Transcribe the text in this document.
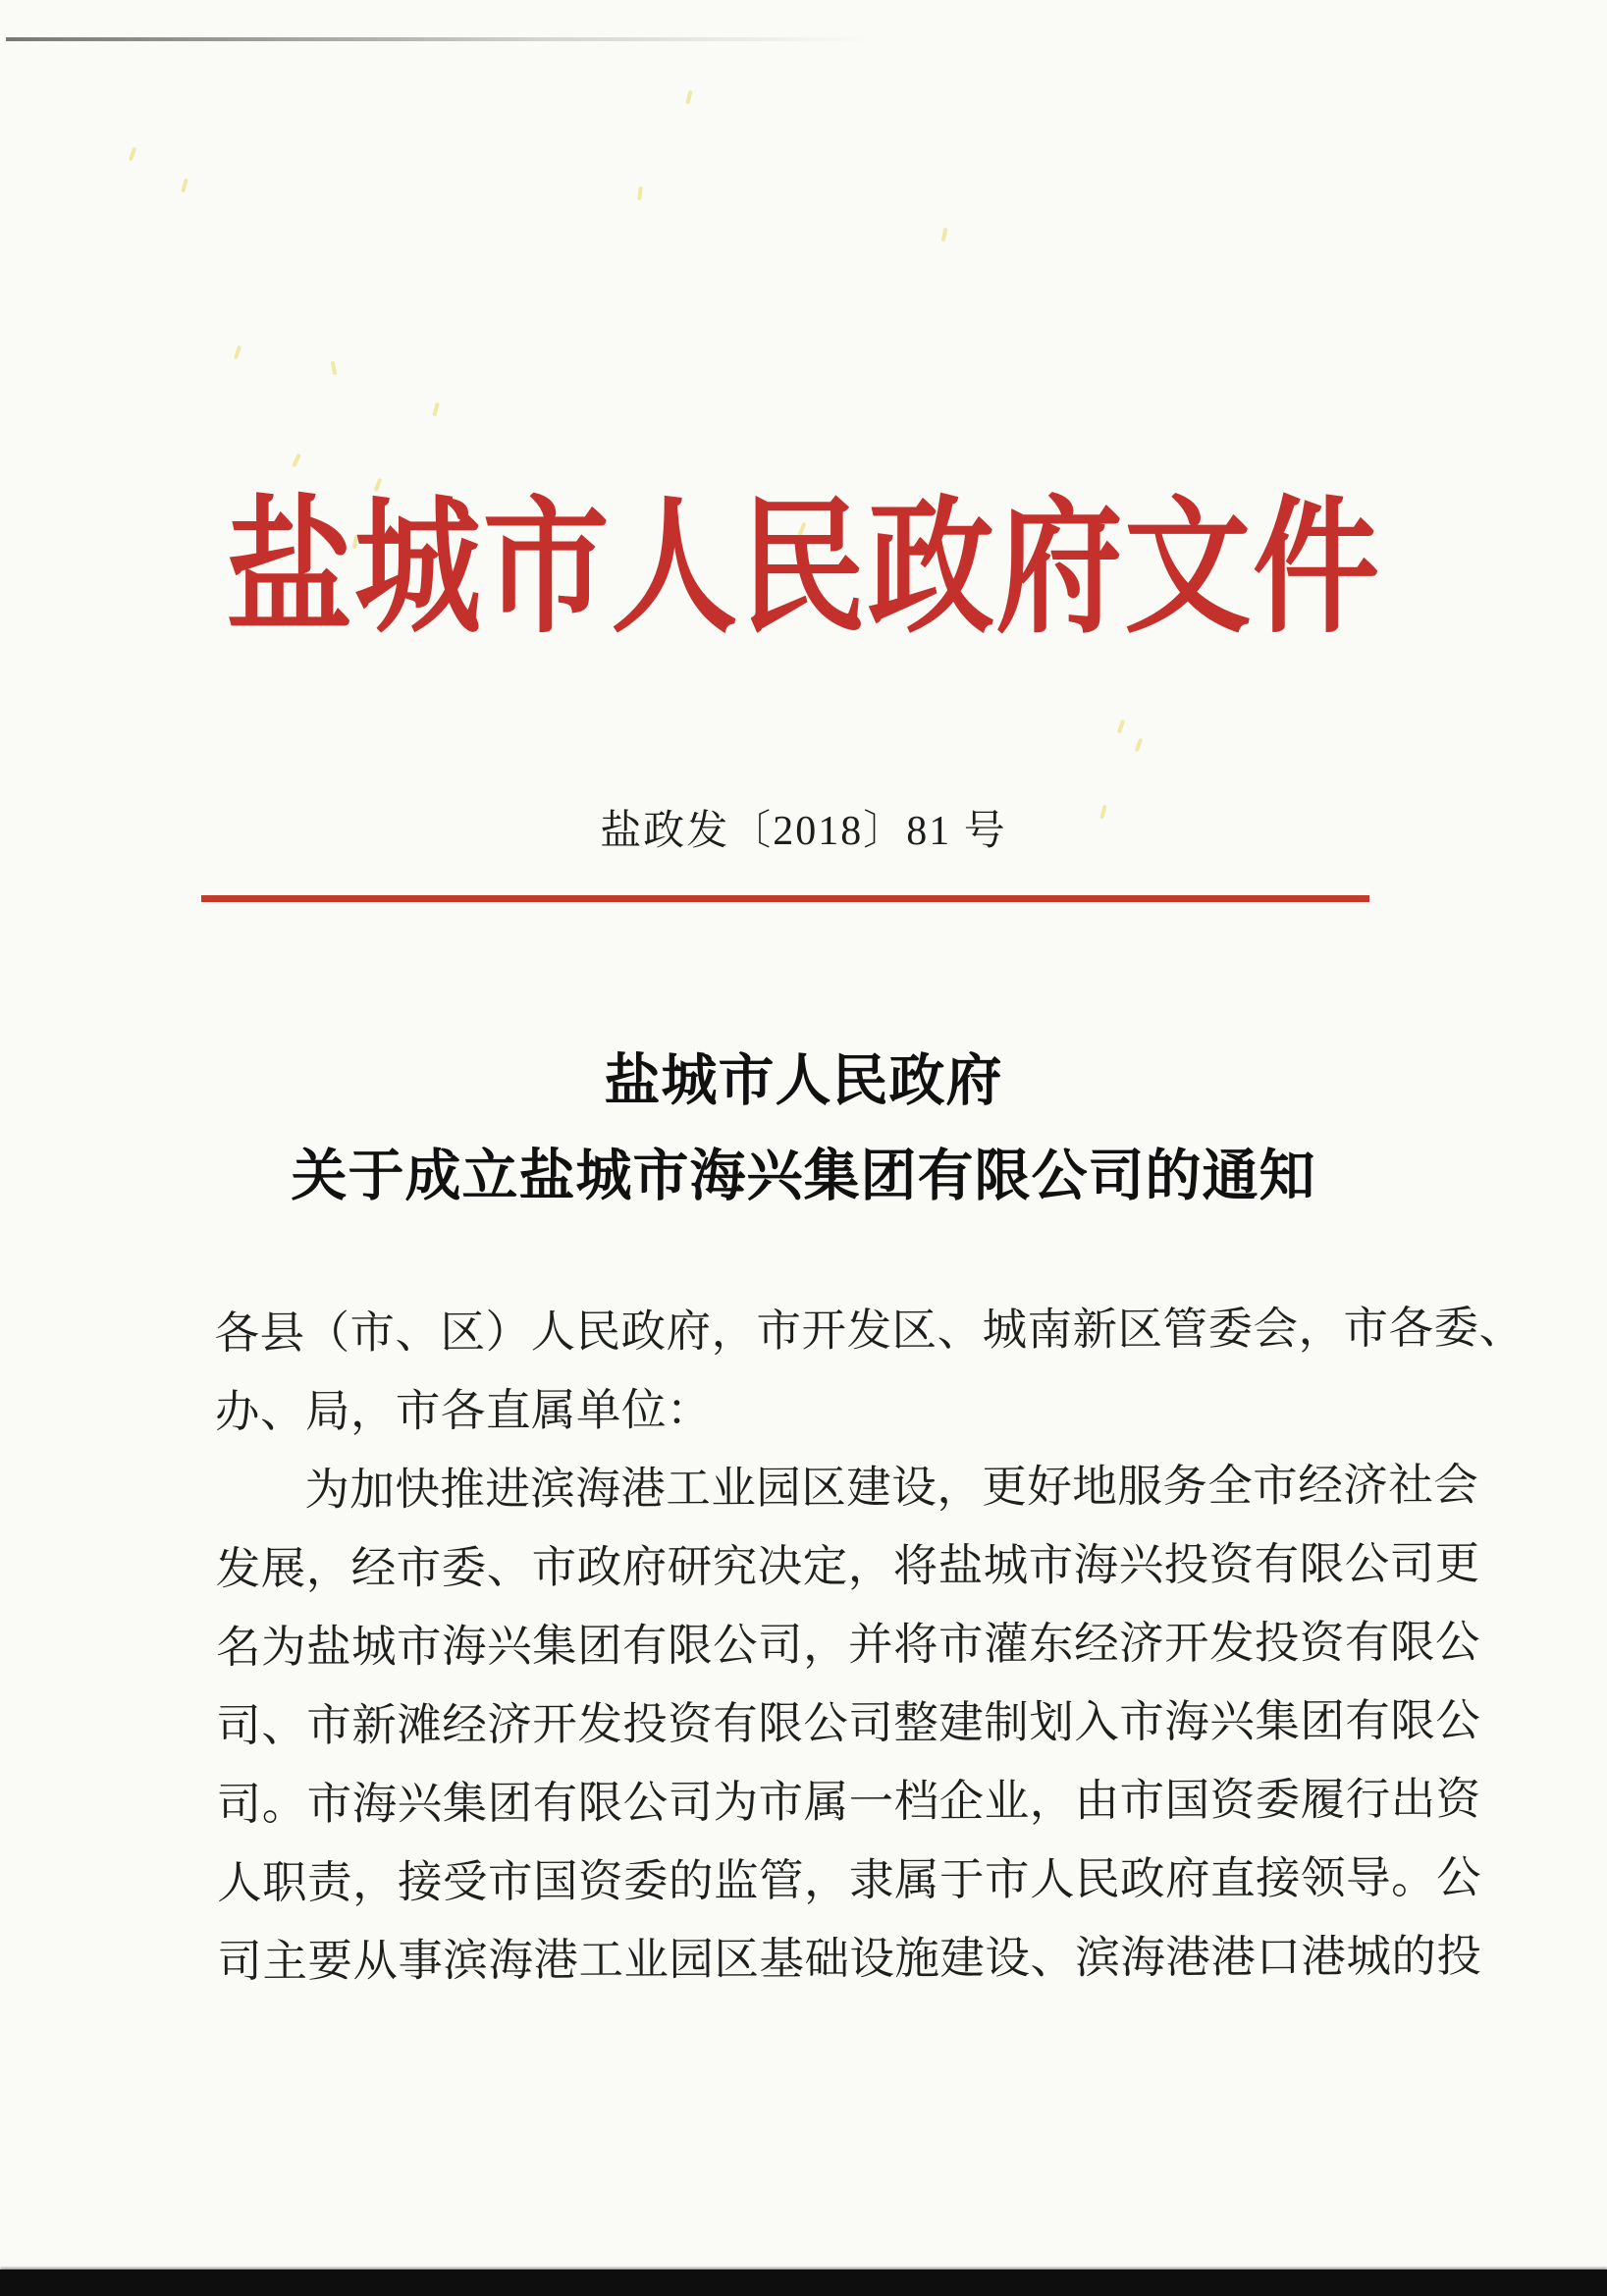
盐城市人民政府文件
盐政发〔2018〕81 号
盐城市人民政府
关于成立盐城市海兴集团有限公司的通知
各县（市、区）人民政府，市开发区、城南新区管委会，市各委、
办、局，市各直属单位：
为加快推进滨海港工业园区建设，更好地服务全市经济社会
发展，经市委、市政府研究决定，将盐城市海兴投资有限公司更
名为盐城市海兴集团有限公司，并将市灌东经济开发投资有限公
司、市新滩经济开发投资有限公司整建制划入市海兴集团有限公
司。市海兴集团有限公司为市属一档企业，由市国资委履行出资
人职责，接受市国资委的监管，隶属于市人民政府直接领导。公
司主要从事滨海港工业园区基础设施建设、滨海港港口港城的投
